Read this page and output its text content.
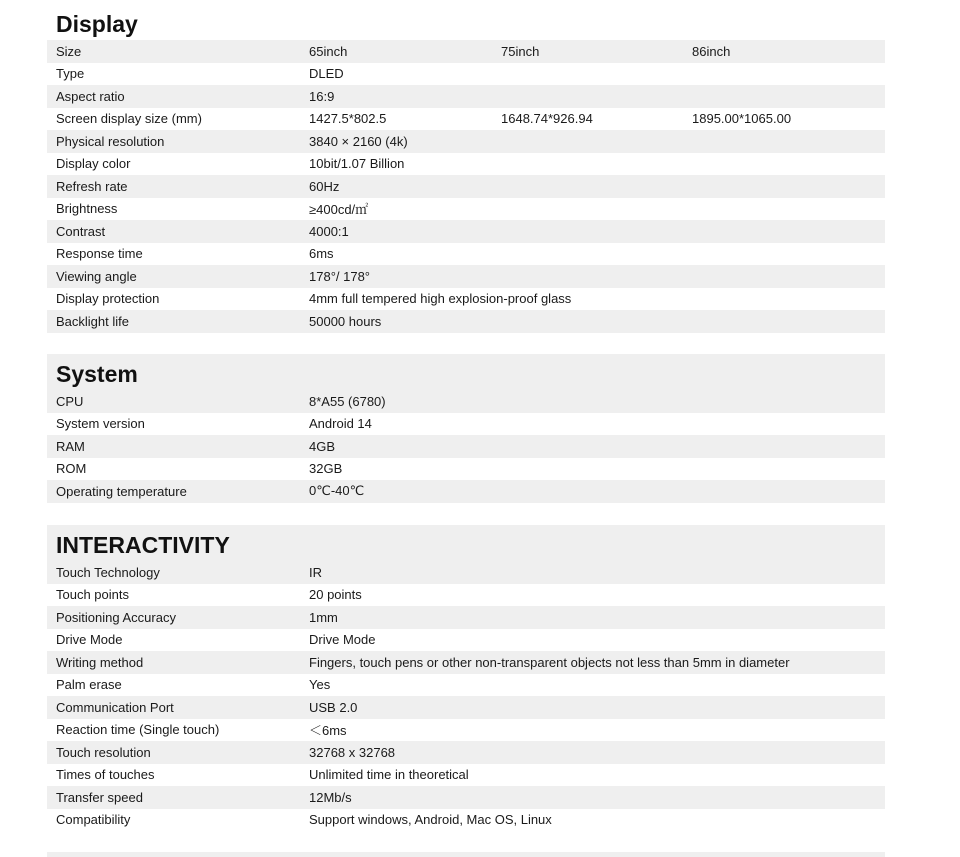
Display
Size	65inch	75inch	86inch
Type	DLED
Aspect ratio	16:9
Screen display size (mm)	1427.5*802.5	1648.74*926.94	1895.00*1065.00
Physical resolution	3840 × 2160 (4k)
Display color	10bit/1.07 Billion
Refresh rate	60Hz
Brightness	≥400cd/㎡
Contrast	4000:1
Response time	6ms
Viewing angle	178°/ 178°
Display protection	4mm full tempered high explosion-proof glass
Backlight life	50000 hours
System
CPU	8*A55 (6780)
System version	Android 14
RAM	4GB
ROM	32GB
Operating temperature	0℃-40℃
INTERACTIVITY
Touch Technology	IR
Touch points	20 points
Positioning Accuracy	1mm
Drive Mode	Drive Mode
Writing method	Fingers, touch pens or other non-transparent objects not less than 5mm in diameter
Palm erase	Yes
Communication Port	USB 2.0
Reaction time (Single touch)	＜6ms
Touch resolution	32768 x 32768
Times of touches	Unlimited time in theoretical
Transfer speed	12Mb/s
Compatibility	Support windows, Android, Mac OS, Linux
